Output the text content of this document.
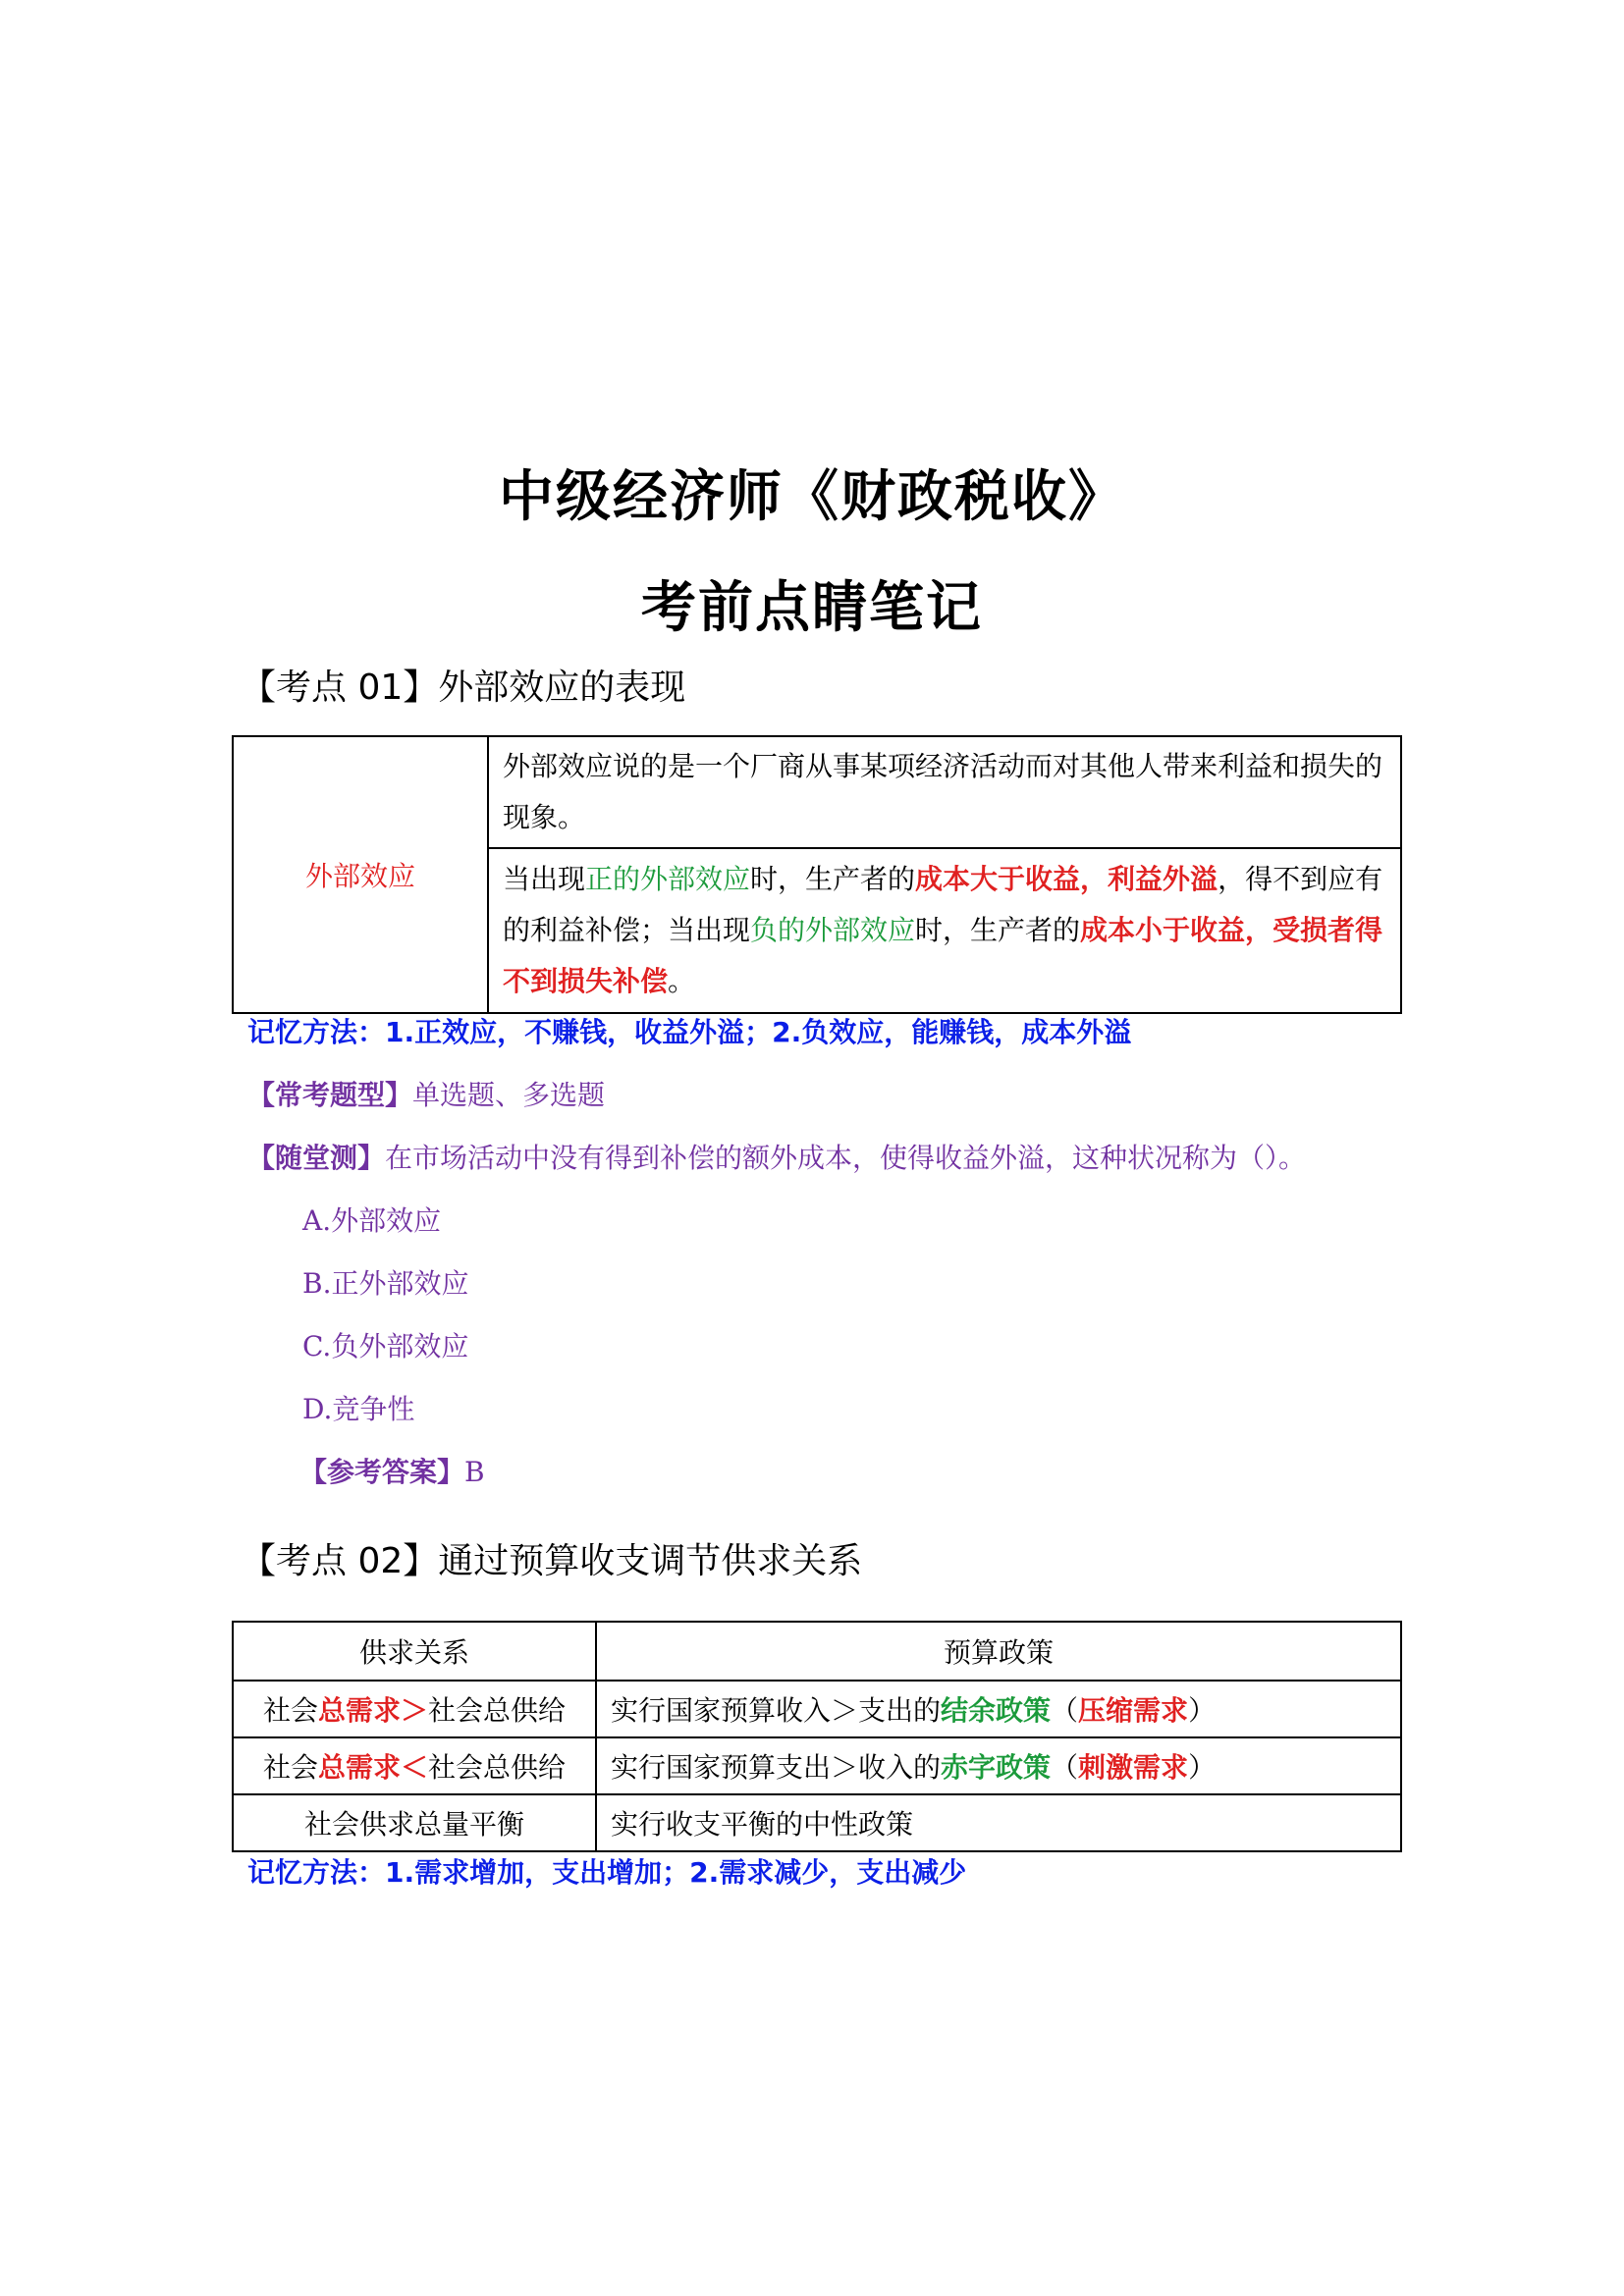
中级经济师《财政税收》
考前点睛笔记
【考点 01】外部效应的表现
外部效应	外部效应说的是一个厂商从事某项经济活动而对其他人带来利益和损失的现象。
当出现正的外部效应时，生产者的成本大于收益，利益外溢，得不到应有的利益补偿；当出现负的外部效应时，生产者的成本小于收益，受损者得不到损失补偿。
记忆方法：1.正效应，不赚钱，收益外溢；2.负效应，能赚钱，成本外溢
【常考题型】单选题、多选题
【随堂测】在市场活动中没有得到补偿的额外成本，使得收益外溢，这种状况称为（）。
A.外部效应
B.正外部效应
C.负外部效应
D.竞争性
【参考答案】B
【考点 02】通过预算收支调节供求关系
供求关系	预算政策
社会总需求＞社会总供给	实行国家预算收入＞支出的结余政策（压缩需求）
社会总需求＜社会总供给	实行国家预算支出＞收入的赤字政策（刺激需求）
社会供求总量平衡	实行收支平衡的中性政策
记忆方法：1.需求增加，支出增加；2.需求减少，支出减少
